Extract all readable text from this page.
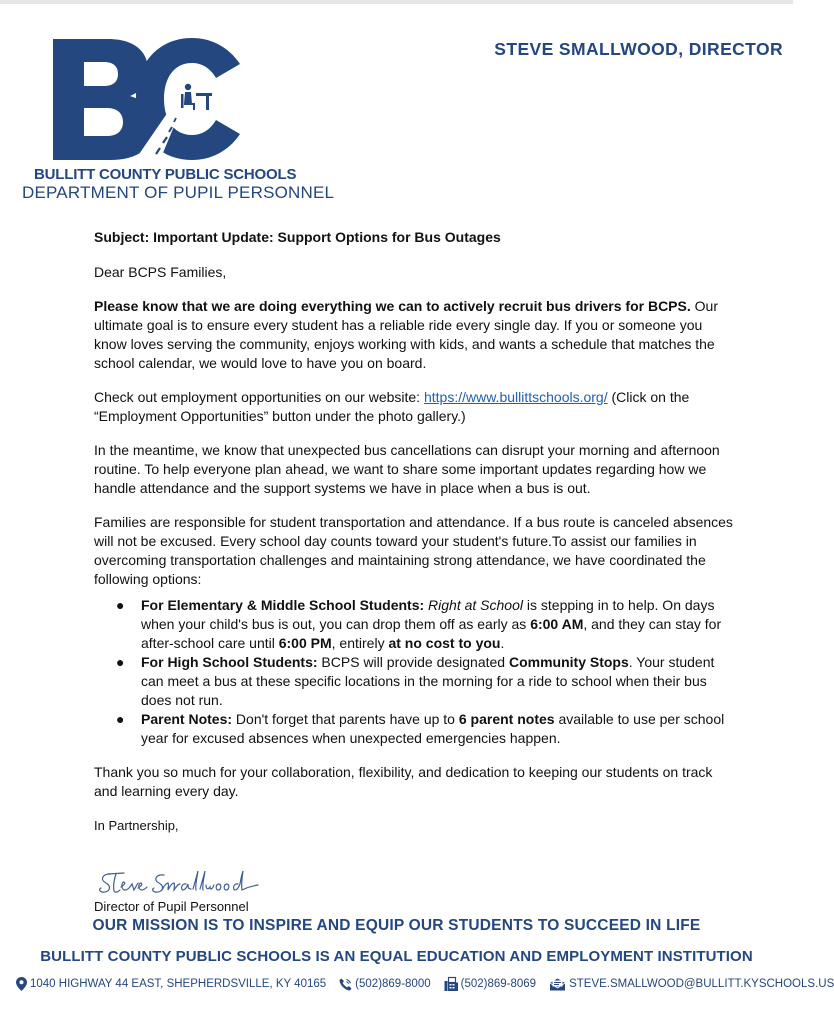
BULLITT COUNTY PUBLIC SCHOOLS
DEPARTMENT OF PUPIL PERSONNEL
STEVE SMALLWOOD, DIRECTOR

Subject: Important Update: Support Options for Bus Outages

Dear BCPS Families,

Please know that we are doing everything we can to actively recruit bus drivers for BCPS. Our ultimate goal is to ensure every student has a reliable ride every single day. If you or someone you know loves serving the community, enjoys working with kids, and wants a schedule that matches the school calendar, we would love to have you on board.

Check out employment opportunities on our website: https://www.bullittschools.org/ (Click on the “Employment Opportunities” button under the photo gallery.)

In the meantime, we know that unexpected bus cancellations can disrupt your morning and afternoon routine. To help everyone plan ahead, we want to share some important updates regarding how we handle attendance and the support systems we have in place when a bus is out.

Families are responsible for student transportation and attendance. If a bus route is canceled absences will not be excused. Every school day counts toward your student's future.To assist our families in overcoming transportation challenges and maintaining strong attendance, we have coordinated the following options:

● For Elementary & Middle School Students: Right at School is stepping in to help. On days when your child's bus is out, you can drop them off as early as 6:00 AM, and they can stay for after-school care until 6:00 PM, entirely at no cost to you.
● For High School Students: BCPS will provide designated Community Stops. Your student can meet a bus at these specific locations in the morning for a ride to school when their bus does not run.
● Parent Notes: Don't forget that parents have up to 6 parent notes available to use per school year for excused absences when unexpected emergencies happen.

Thank you so much for your collaboration, flexibility, and dedication to keeping our students on track and learning every day.

In Partnership,

Director of Pupil Personnel
OUR MISSION IS TO INSPIRE AND EQUIP OUR STUDENTS TO SUCCEED IN LIFE
BULLITT COUNTY PUBLIC SCHOOLS IS AN EQUAL EDUCATION AND EMPLOYMENT INSTITUTION
1040 HIGHWAY 44 EAST, SHEPHERDSVILLE, KY 40165	(502)869-8000	(502)869-8069	STEVE.SMALLWOOD@BULLITT.KYSCHOOLS.US
